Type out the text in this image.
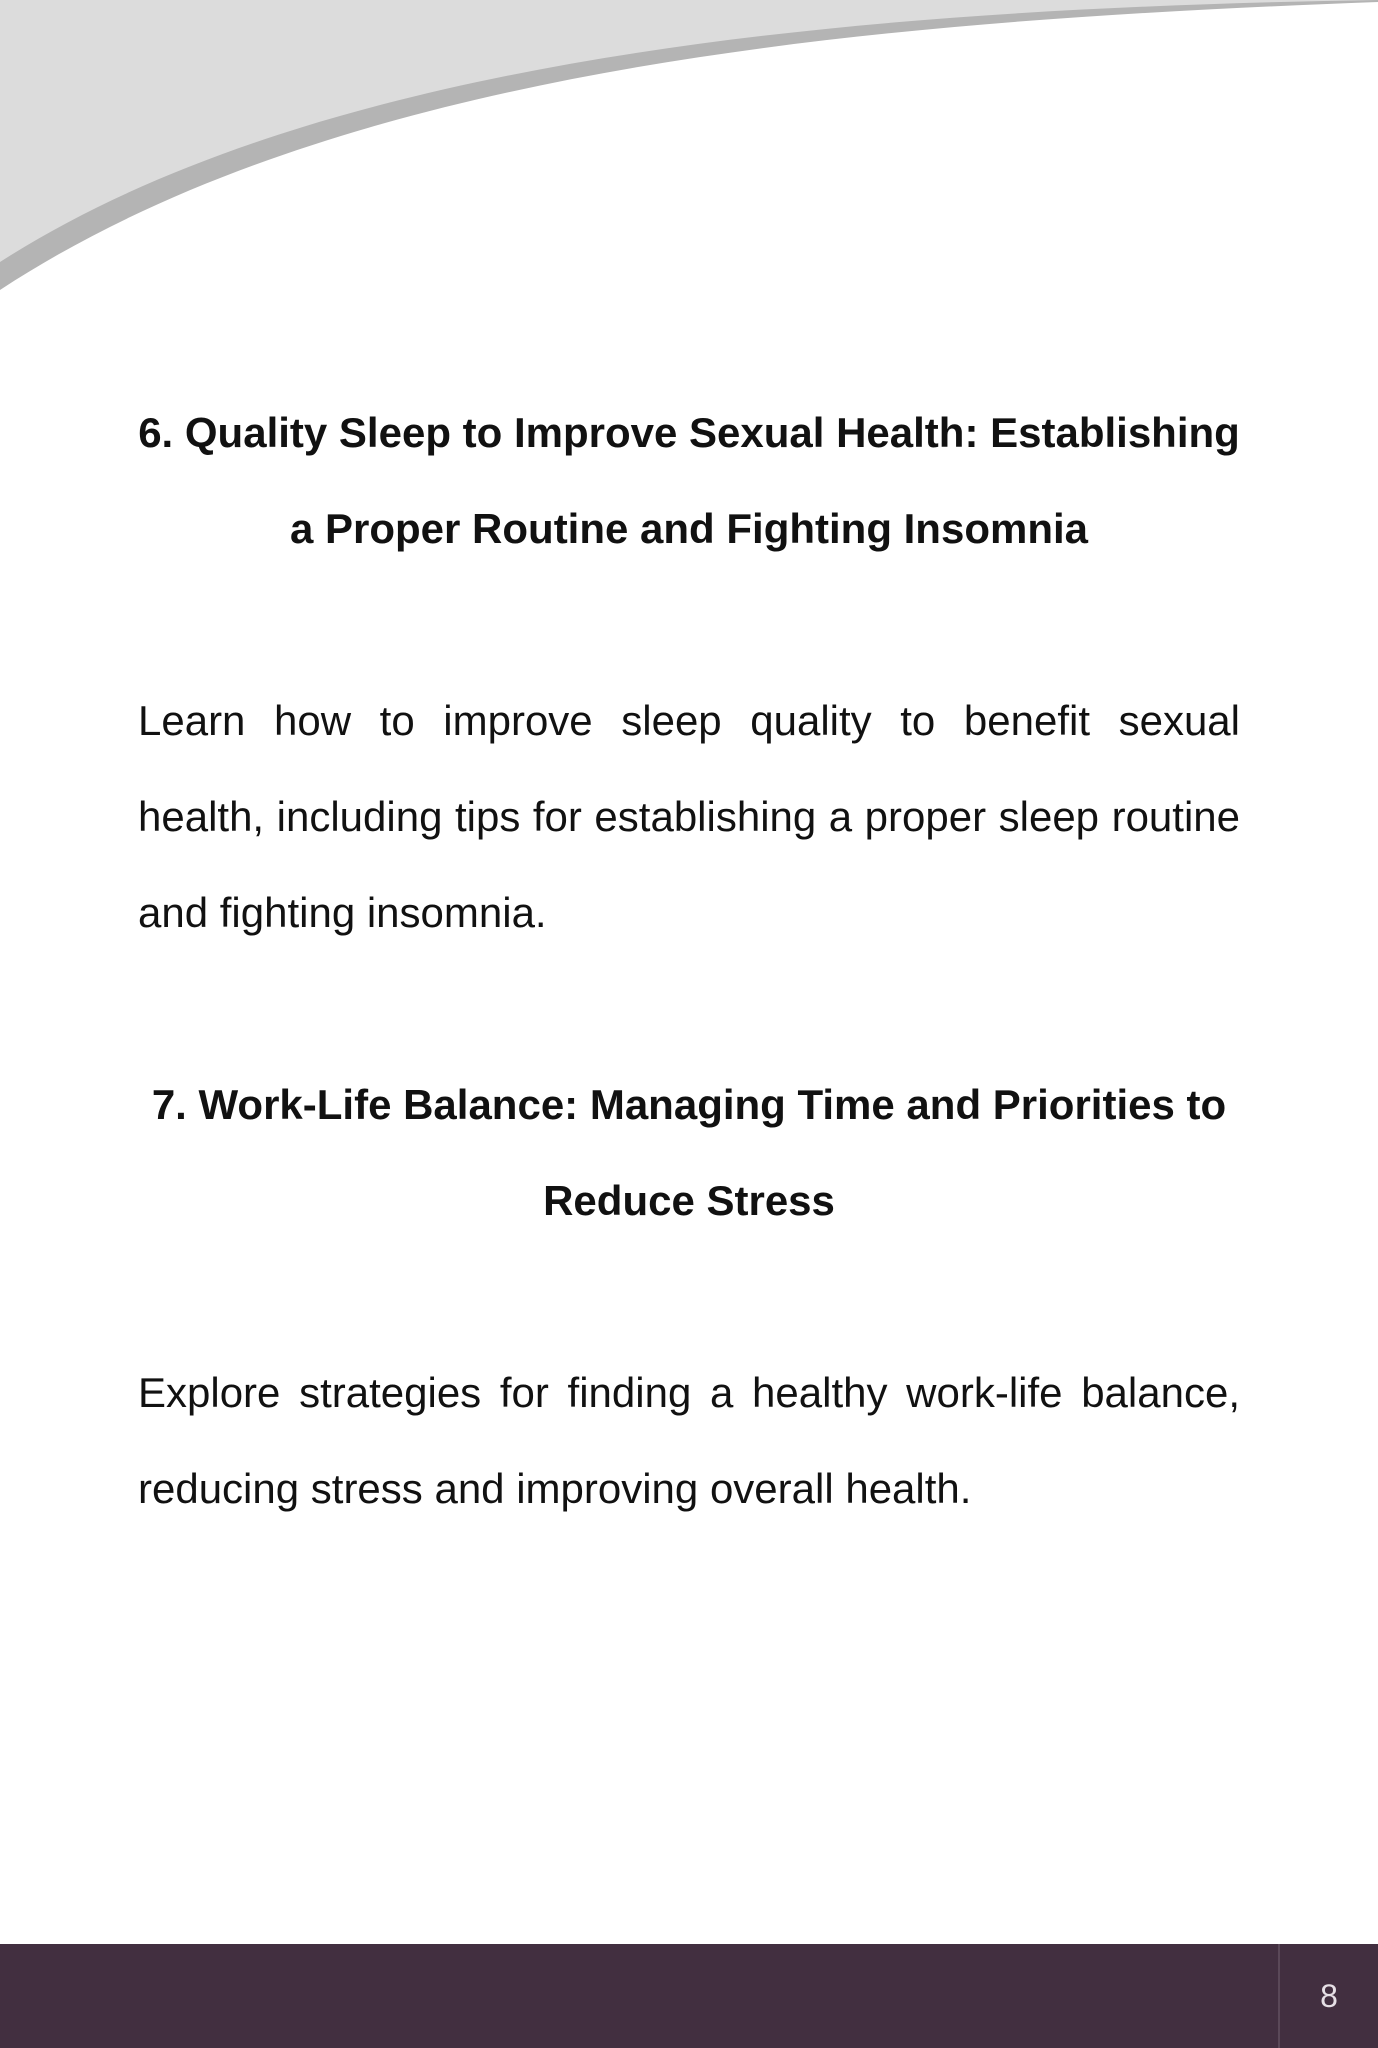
6. Quality Sleep to Improve Sexual Health: Establishing a Proper Routine and Fighting Insomnia

Learn how to improve sleep quality to benefit sexual health, including tips for establishing a proper sleep routine and fighting insomnia.

7. Work-Life Balance: Managing Time and Priorities to Reduce Stress

Explore strategies for finding a healthy work-life balance, reducing stress and improving overall health.

8
